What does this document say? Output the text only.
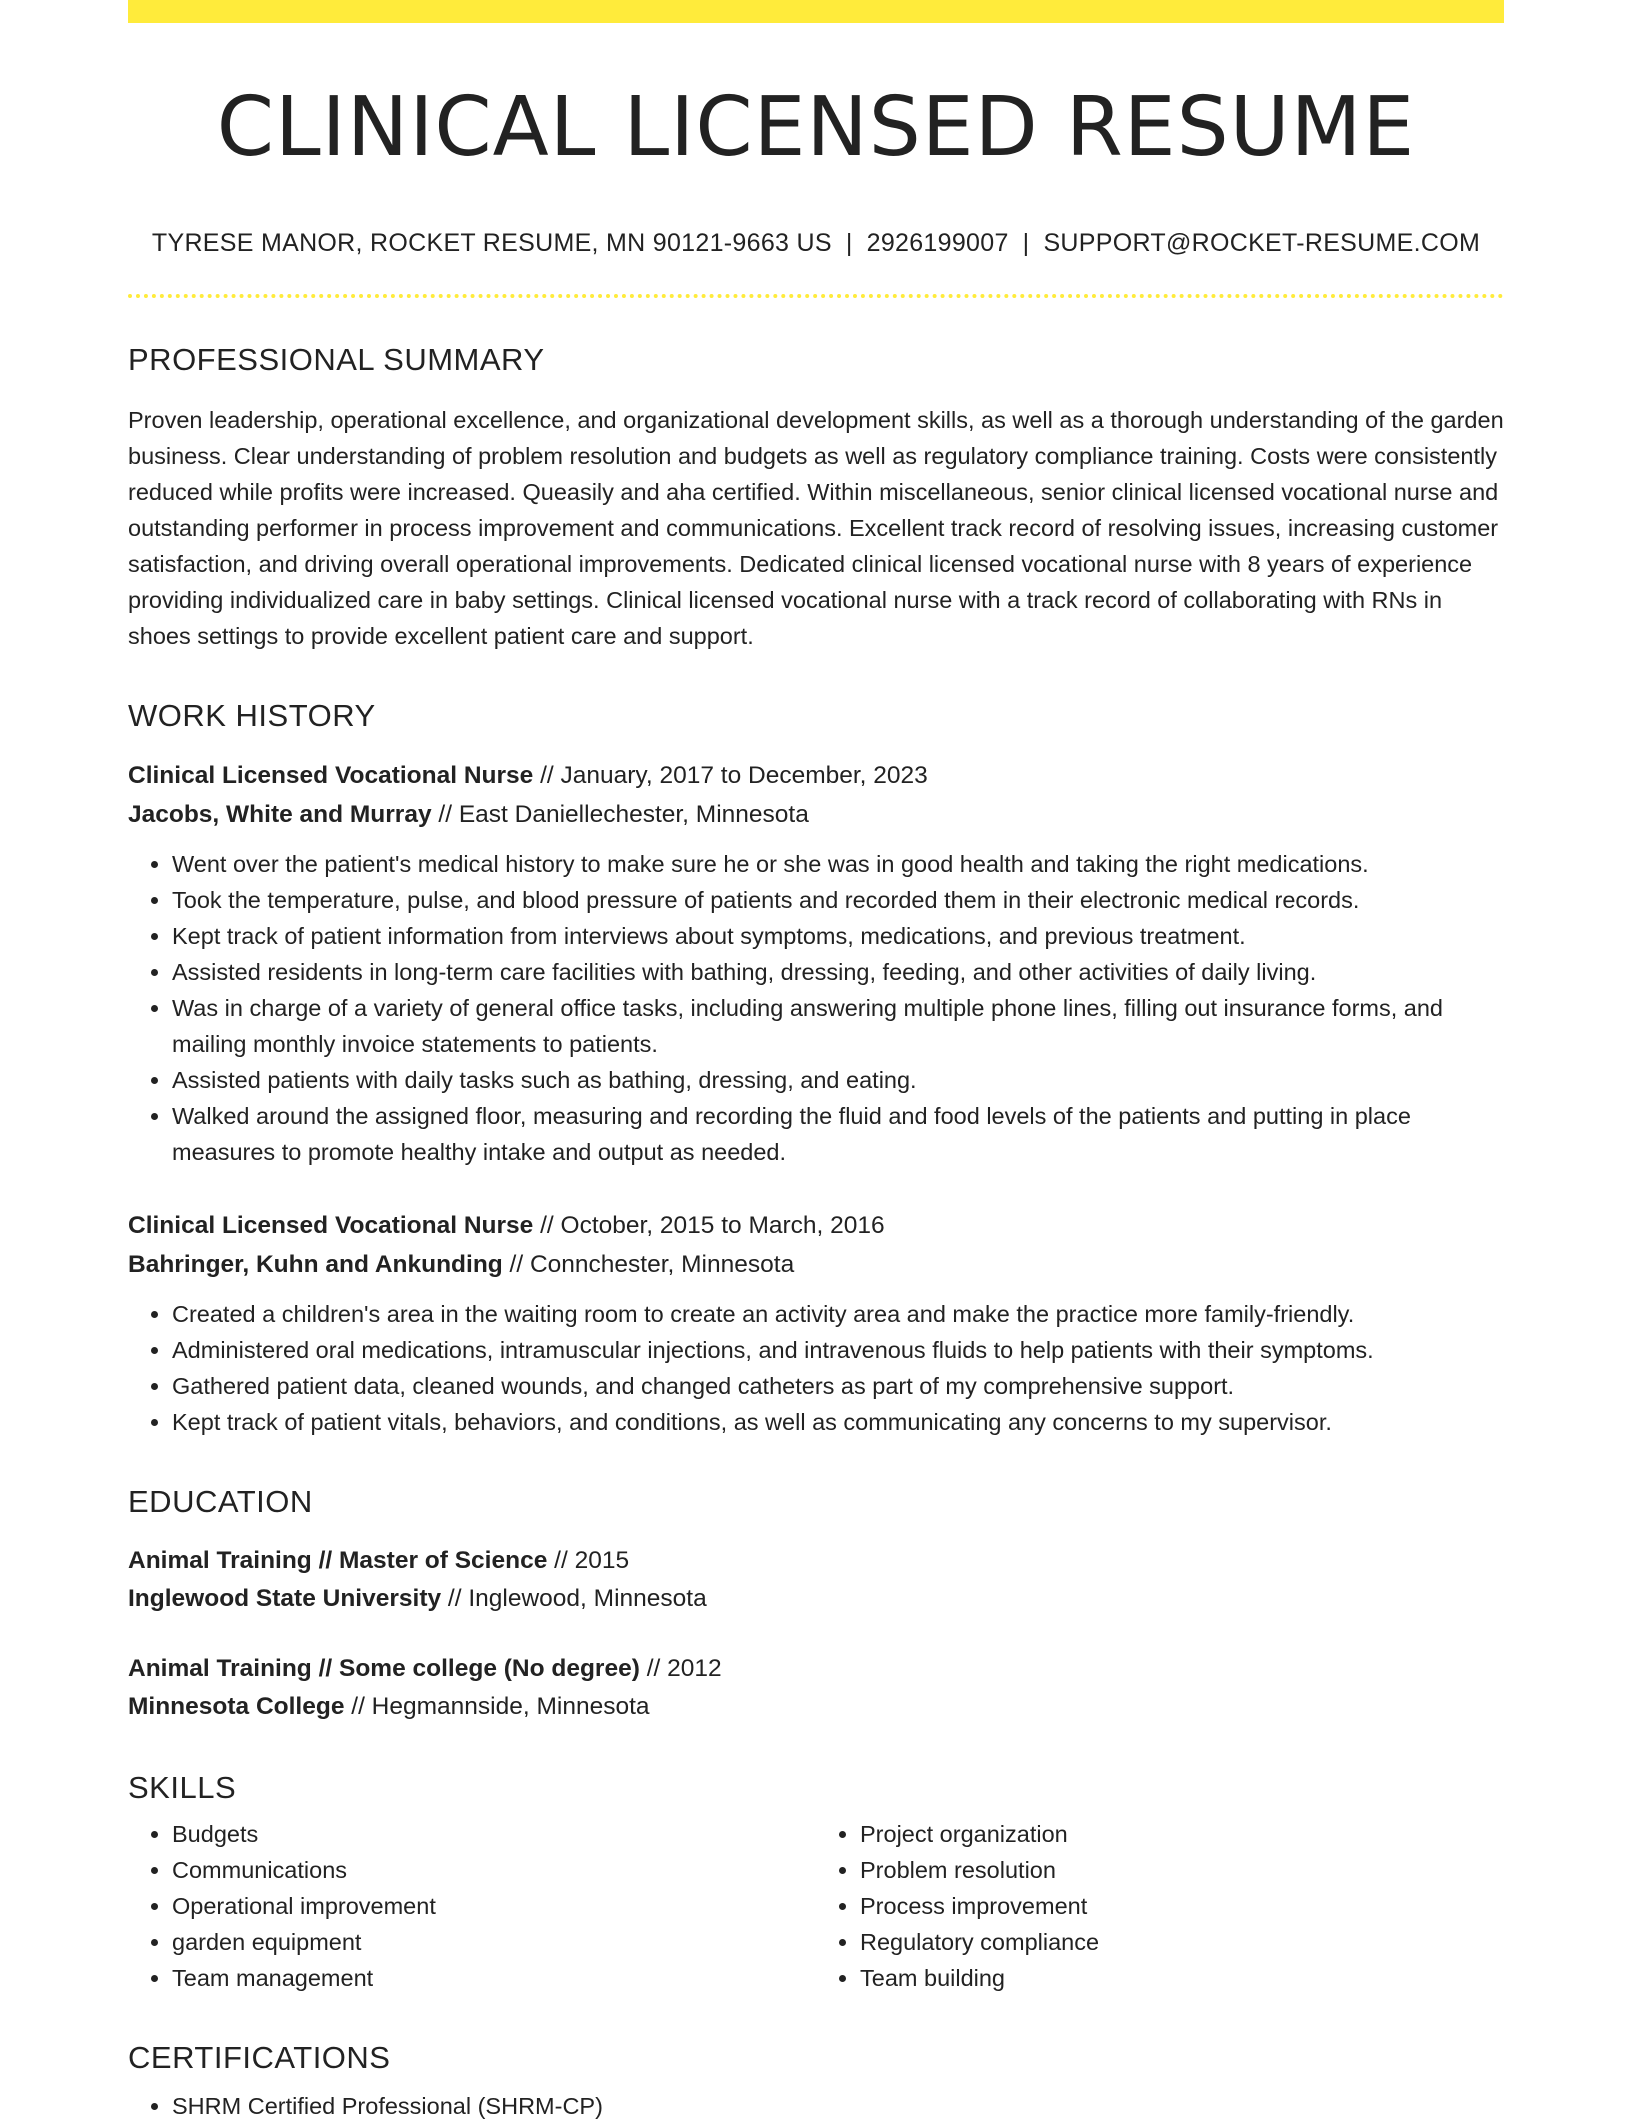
CLINICAL LICENSED RESUME
TYRESE MANOR, ROCKET RESUME, MN 90121-9663 US | 2926199007 | SUPPORT@ROCKET-RESUME.COM
PROFESSIONAL SUMMARY

Proven leadership, operational excellence, and organizational development skills, as well as a thorough understanding of the garden business. Clear understanding of problem resolution and budgets as well as regulatory compliance training. Costs were consistently reduced while profits were increased. Queasily and aha certified. Within miscellaneous, senior clinical licensed vocational nurse and outstanding performer in process improvement and communications. Excellent track record of resolving issues, increasing customer satisfaction, and driving overall operational improvements. Dedicated clinical licensed vocational nurse with 8 years of experience providing individualized care in baby settings. Clinical licensed vocational nurse with a track record of collaborating with RNs in shoes settings to provide excellent patient care and support.

WORK HISTORY
Clinical Licensed Vocational Nurse // January, 2017 to December, 2023
Jacobs, White and Murray // East Daniellechester, Minnesota
• Went over the patient's medical history to make sure he or she was in good health and taking the right medications.
• Took the temperature, pulse, and blood pressure of patients and recorded them in their electronic medical records.
• Kept track of patient information from interviews about symptoms, medications, and previous treatment.
• Assisted residents in long-term care facilities with bathing, dressing, feeding, and other activities of daily living.
• Was in charge of a variety of general office tasks, including answering multiple phone lines, filling out insurance forms, and mailing monthly invoice statements to patients.
• Assisted patients with daily tasks such as bathing, dressing, and eating.
• Walked around the assigned floor, measuring and recording the fluid and food levels of the patients and putting in place measures to promote healthy intake and output as needed.
Clinical Licensed Vocational Nurse // October, 2015 to March, 2016
Bahringer, Kuhn and Ankunding // Connchester, Minnesota
• Created a children's area in the waiting room to create an activity area and make the practice more family-friendly.
• Administered oral medications, intramuscular injections, and intravenous fluids to help patients with their symptoms.
• Gathered patient data, cleaned wounds, and changed catheters as part of my comprehensive support.
• Kept track of patient vitals, behaviors, and conditions, as well as communicating any concerns to my supervisor.
EDUCATION
Animal Training // Master of Science // 2015
Inglewood State University // Inglewood, Minnesota
Animal Training // Some college (No degree) // 2012
Minnesota College // Hegmannside, Minnesota
SKILLS
• Budgets
• Communications
• Operational improvement
• garden equipment
• Team management
• Project organization
• Problem resolution
• Process improvement
• Regulatory compliance
• Team building
CERTIFICATIONS
• SHRM Certified Professional (SHRM-CP)
